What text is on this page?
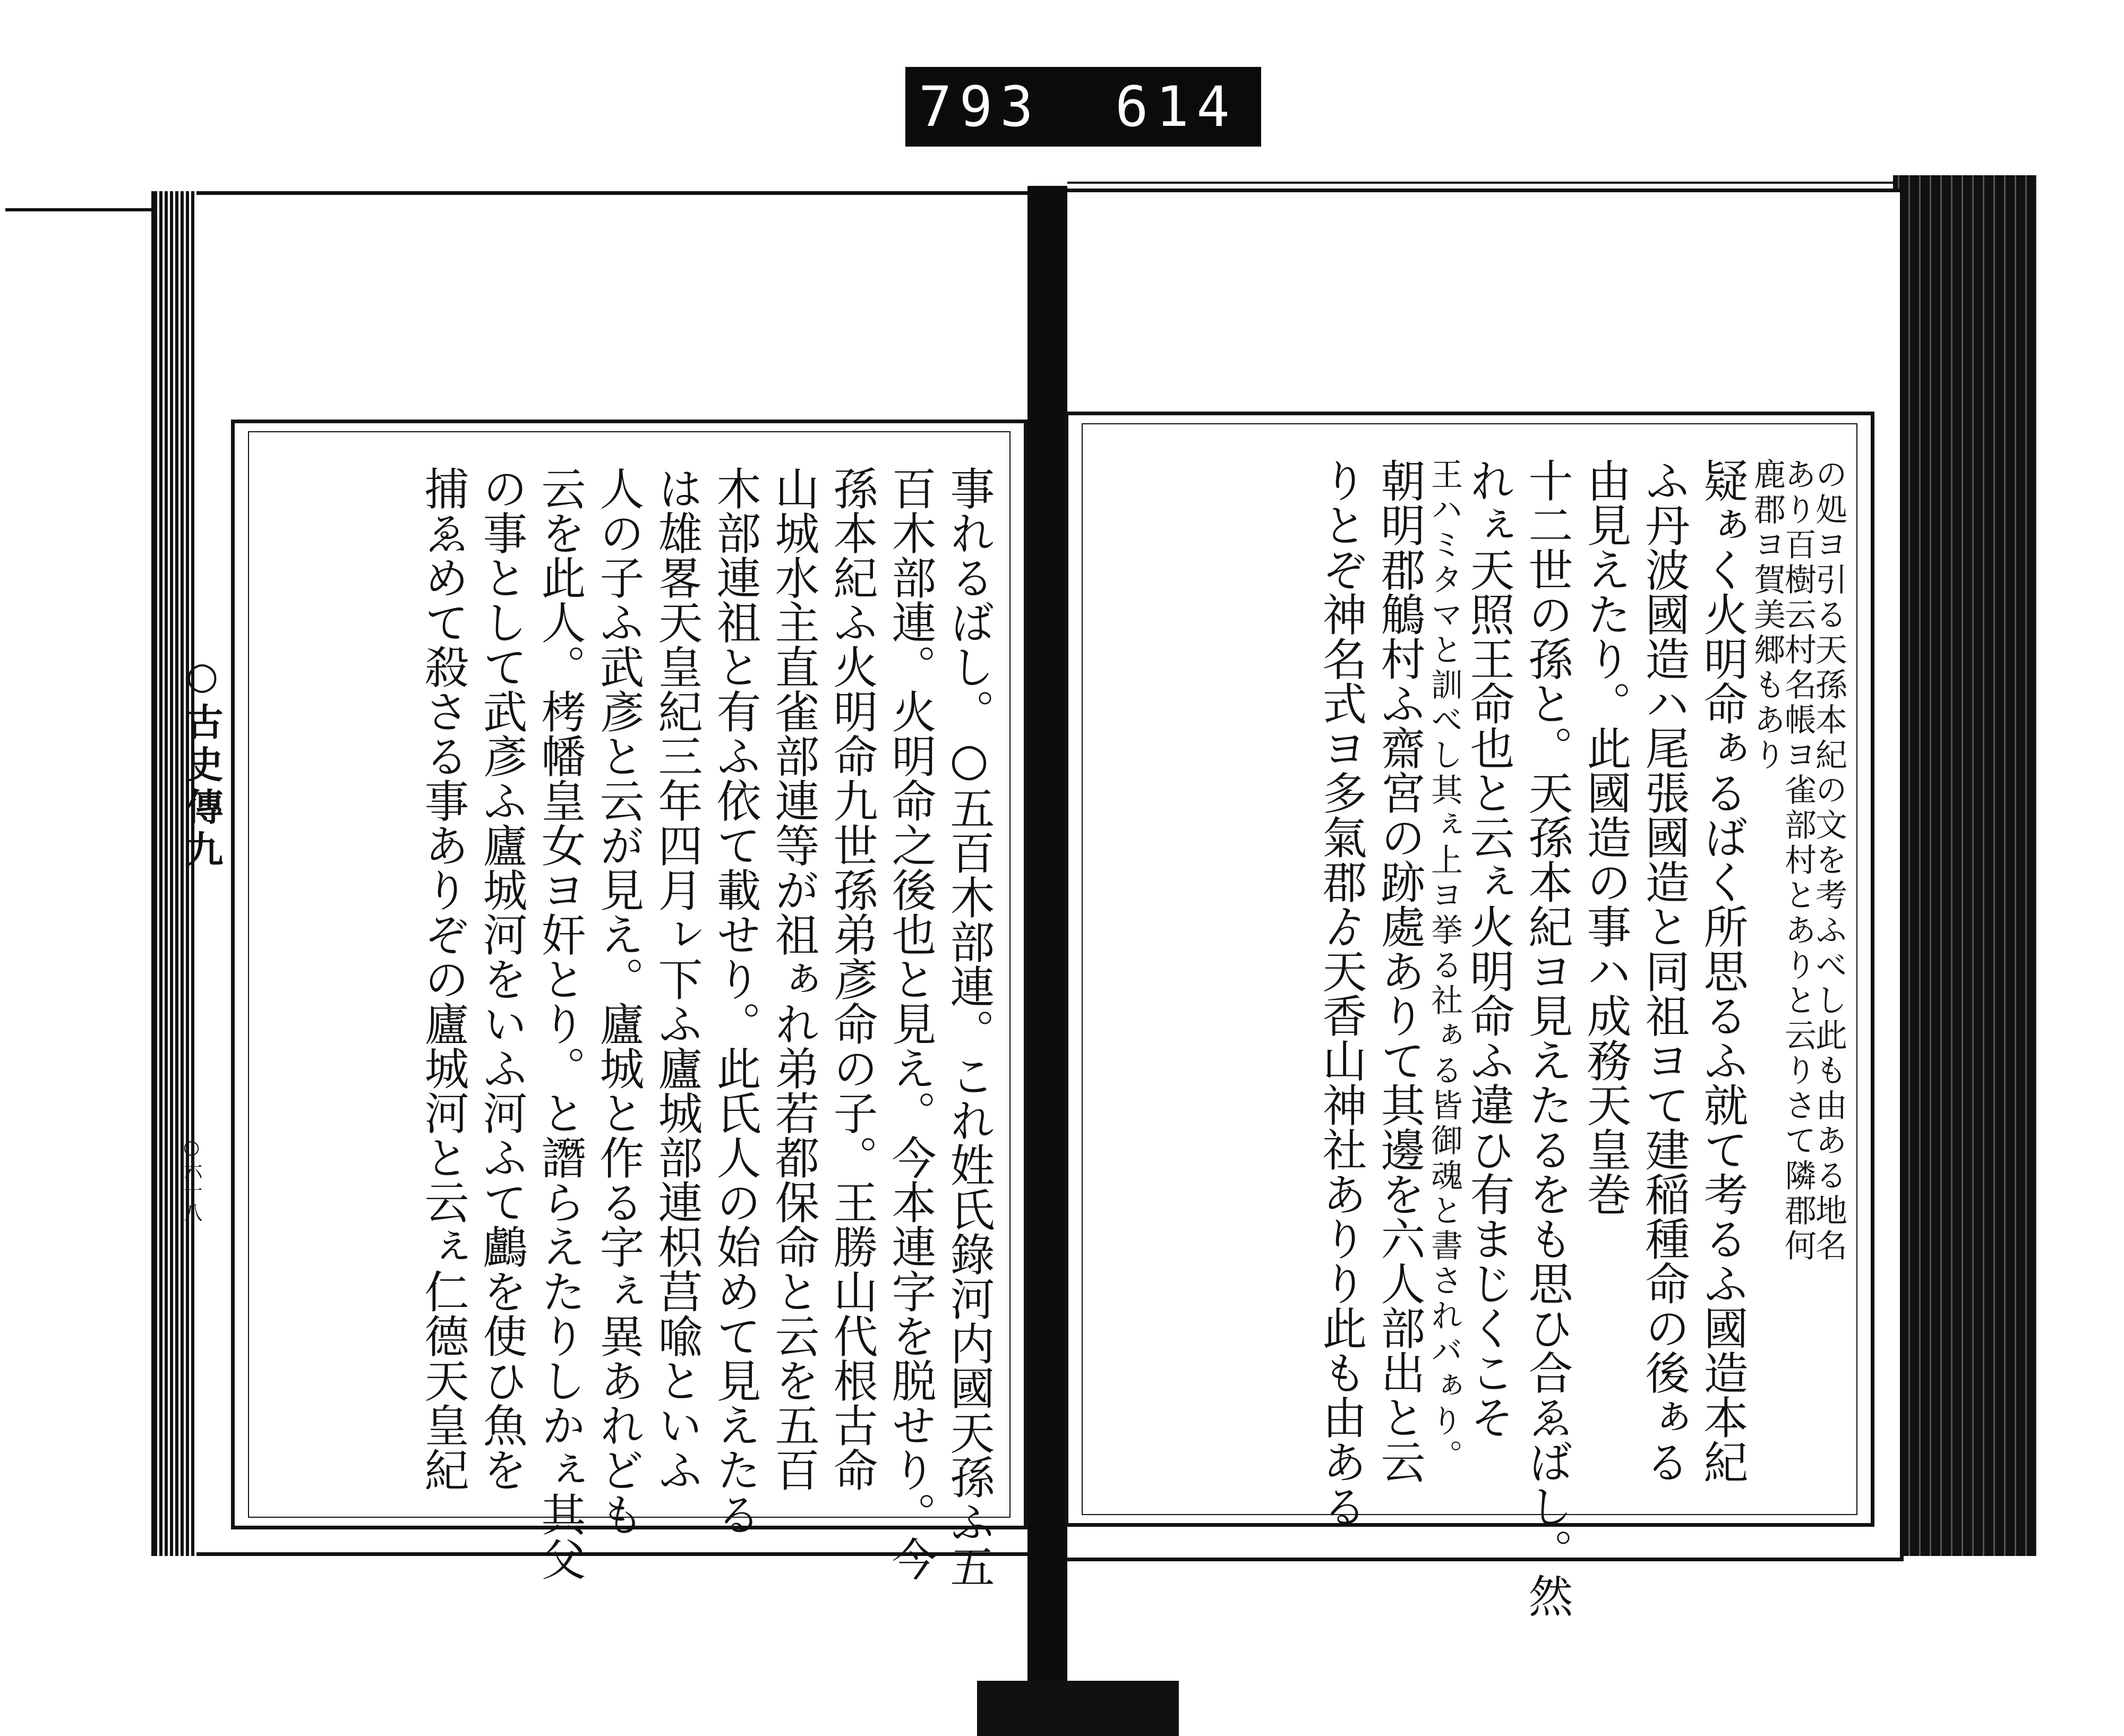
793 614
○古史傳九
○六十八	事れるばし。○五百木部連。これ姓氏錄河内國天孫ふ五
百木部連。火明命之後也と見え。今本連字を脱せり。今
孫本紀ふ火明命九世孫弟彥命の子。王勝山代根古命
山城水主直雀部連等が祖ぁれ弟若都保命と云を五百
木部連祖と有ふ依て載せり。此氏人の始めて見えたる
は雄畧天皇紀三年四月ㇾ下ふ廬城部連枳莒喩といふ
人の子ふ武彥と云が見え。廬城と作る字ぇ異あれども
云を此人。栲幡皇女ヨ奸とり。と譖らえたりしかぇ其父
の事として武彥ふ廬城河をいふ河ふて鸕を使ひ魚を
捕ゑめて殺さる事ありぞの廬城河と云ぇ仁德天皇紀	の処ヨ引る天孫本紀の文を考ふべし此も由ある地名
あり百樹云村名帳ヨ雀部村とありと云りさて隣郡何
鹿郡ヨ賀美郷もあり
疑ぁく火明命ぁるばく所思るふ就て考るふ國造本紀
ふ丹波國造ハ尾張國造と同祖ヨて建稲種命の後ぁる
由見えたり。此國造の事ハ成務天皇巻
十二世の孫と。天孫本紀ヨ見えたるをも思ひ合ゑばし。然
れぇ天照王命也と云ぇ火明命ふ違ひ有まじくこそ
王ハミタマと訓べし其ぇ上ヨ挙る社ぁる皆御魂と書されバぁり。
朝明郡鵤村ふ齋宮の跡處ありて其邊を六人部出と云
りとぞ神名式ヨ多氣郡ゟ天香山神社ありり此も由ある
